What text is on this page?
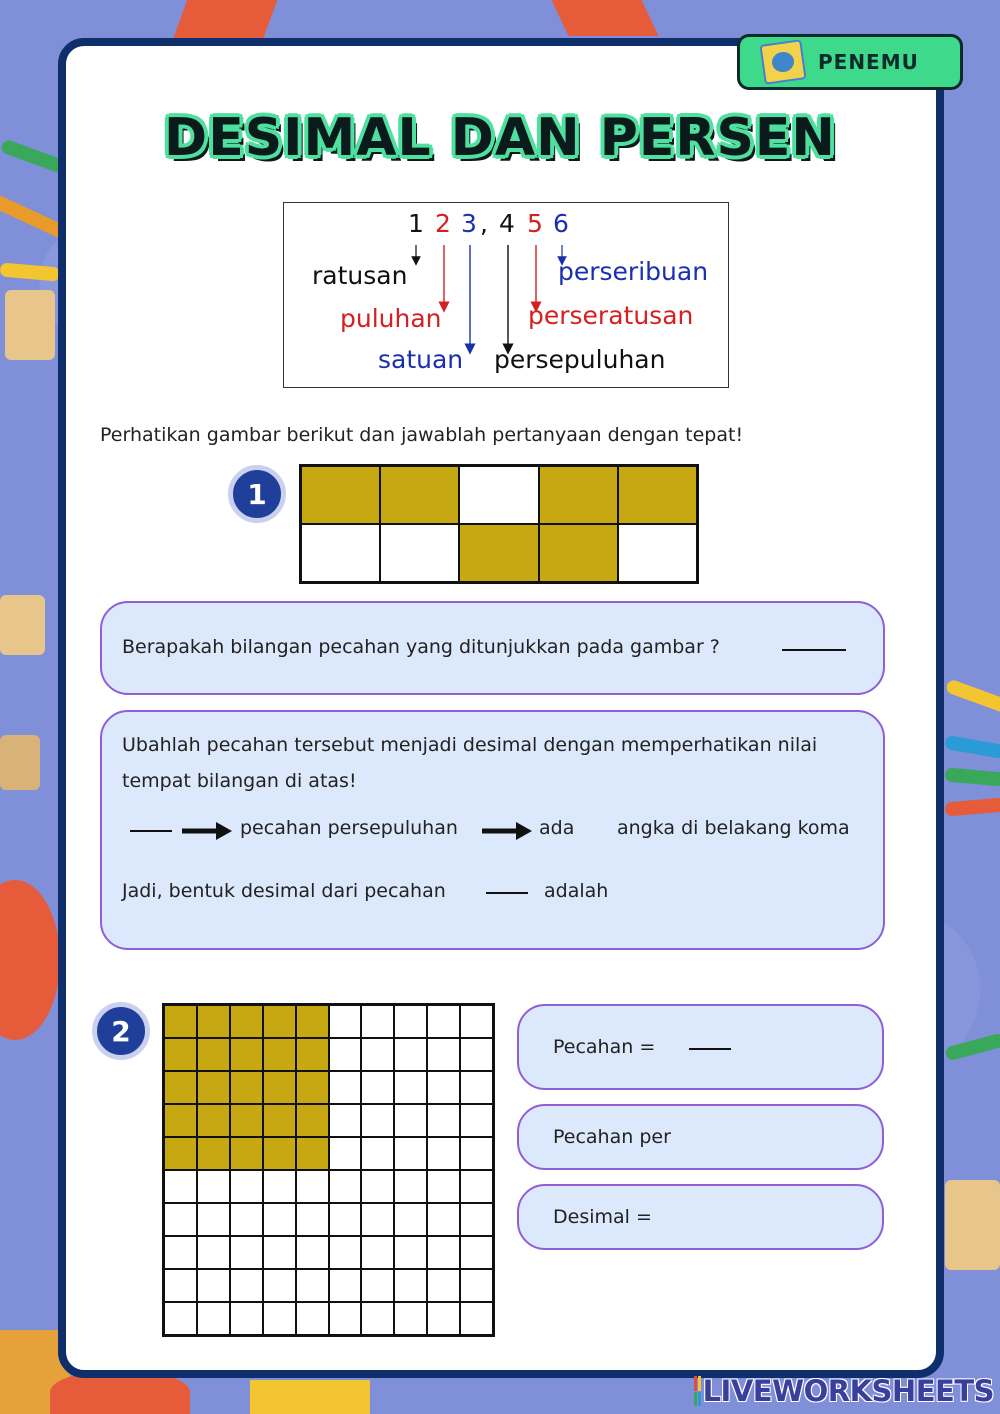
PENEMU
DESIMAL DAN PERSEN
1 2 3 , 4 5 6
ratusan
puluhan
satuan persepuluhan
perseratusan
perseribuan
Perhatikan gambar berikut dan jawablah pertanyaan dengan tepat!
1
Berapakah bilangan pecahan yang ditunjukkan pada gambar ?
Ubahlah pecahan tersebut menjadi desimal dengan memperhatikan nilai
tempat bilangan di atas!
pecahan persepuluhan	ada angka di belakang koma
Jadi, bentuk desimal dari pecahan	adalah
2	Pecahan =
Pecahan per
Desimal =
LIVEWORKSHEETS
